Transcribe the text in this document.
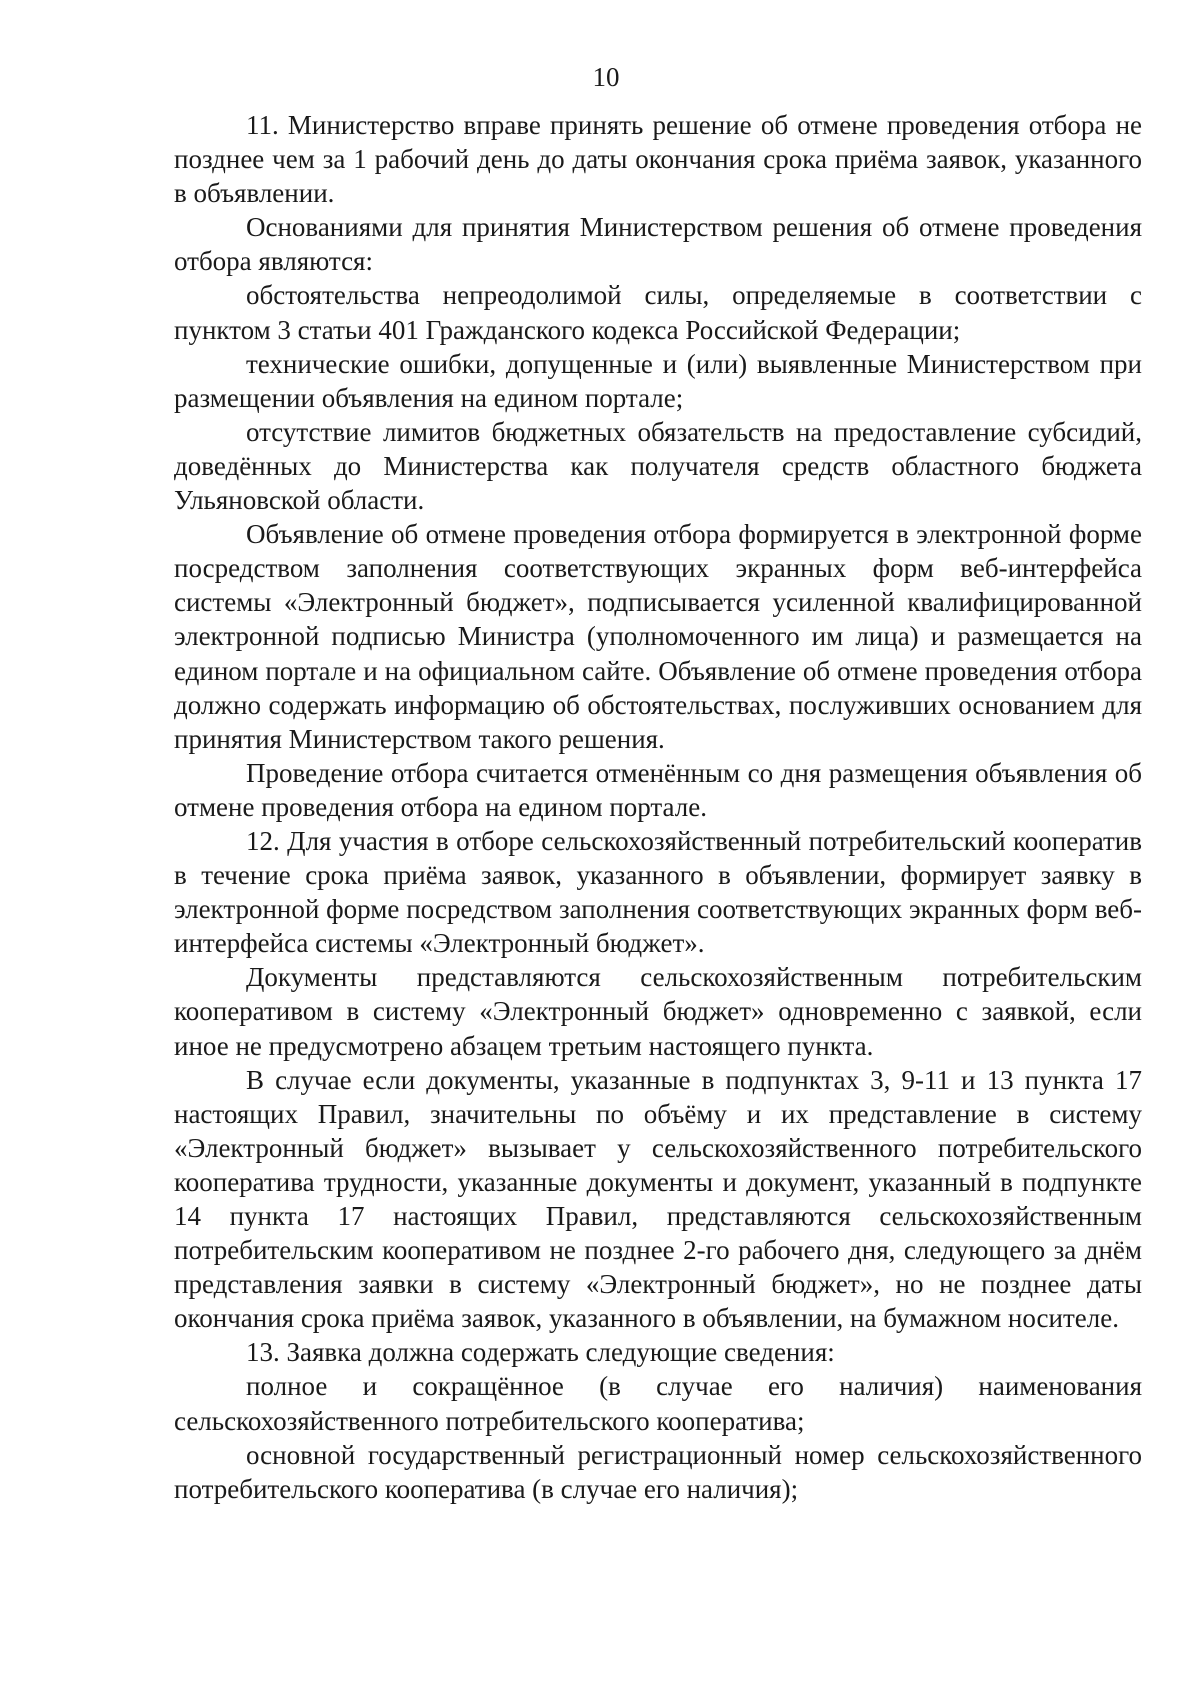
10

11. Министерство вправе принять решение об отмене проведения отбора не позднее чем за 1 рабочий день до даты окончания срока приёма заявок, указанного в объявлении.

Основаниями для принятия Министерством решения об отмене проведения отбора являются:

обстоятельства непреодолимой силы, определяемые в соответствии с пунктом 3 статьи 401 Гражданского кодекса Российской Федерации;

технические ошибки, допущенные и (или) выявленные Министерством при размещении объявления на едином портале;

отсутствие лимитов бюджетных обязательств на предоставление субсидий, доведённых до Министерства как получателя средств областного бюджета Ульяновской области.

Объявление об отмене проведения отбора формируется в электронной форме посредством заполнения соответствующих экранных форм веб-интерфейса системы «Электронный бюджет», подписывается усиленной квалифицированной электронной подписью Министра (уполномоченного им лица) и размещается на едином портале и на официальном сайте. Объявление об отмене проведения отбора должно содержать информацию об обстоятельствах, послуживших основанием для принятия Министерством такого решения.

Проведение отбора считается отменённым со дня размещения объявления об отмене проведения отбора на едином портале.

12. Для участия в отборе сельскохозяйственный потребительский кооператив в течение срока приёма заявок, указанного в объявлении, формирует заявку в электронной форме посредством заполнения соответствующих экранных форм веб-интерфейса системы «Электронный бюджет».

Документы представляются сельскохозяйственным потребительским кооперативом в систему «Электронный бюджет» одновременно с заявкой, если иное не предусмотрено абзацем третьим настоящего пункта.

В случае если документы, указанные в подпунктах 3, 9-11 и 13 пункта 17 настоящих Правил, значительны по объёму и их представление в систему «Электронный бюджет» вызывает у сельскохозяйственного потребительского кооператива трудности, указанные документы и документ, указанный в подпункте 14 пункта 17 настоящих Правил, представляются сельскохозяйственным потребительским кооперативом не позднее 2-го рабочего дня, следующего за днём представления заявки в систему «Электронный бюджет», но не позднее даты окончания срока приёма заявок, указанного в объявлении, на бумажном носителе.

13. Заявка должна содержать следующие сведения:

полное и сокращённое (в случае его наличия) наименования сельскохозяйственного потребительского кооператива;

основной государственный регистрационный номер сельскохозяйственного потребительского кооператива (в случае его наличия);
